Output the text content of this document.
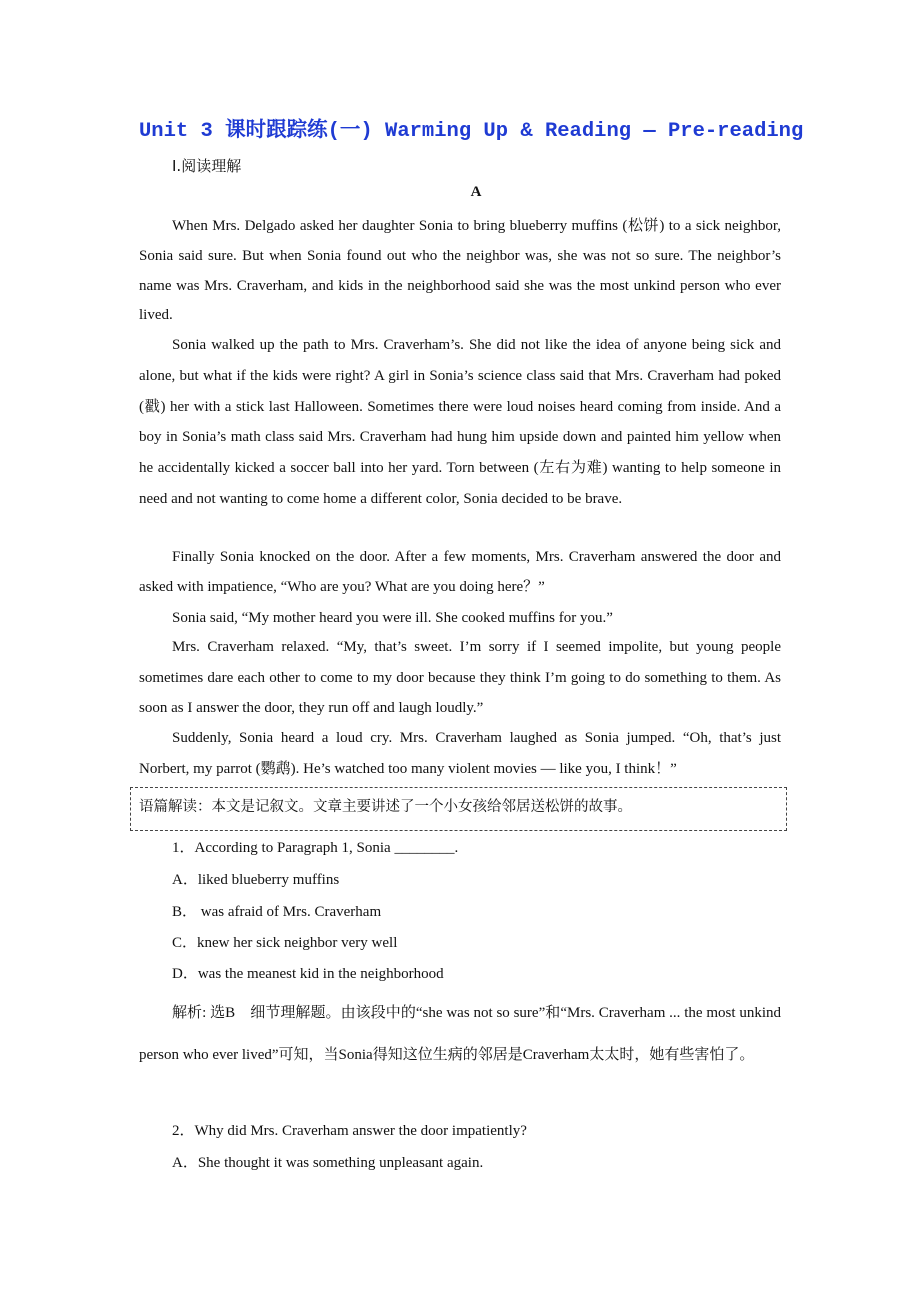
Unit 3 课时跟踪练(一) Warming Up & Reading — Pre-reading
Ⅰ.阅读理解
A

When Mrs. Delgado asked her daughter Sonia to bring blueberry muffins (松饼) to a sick neighbor, Sonia said sure. But when Sonia found out who the neighbor was, she was not so sure. The neighbor’s name was Mrs. Craverham, and kids in the neighborhood said she was the most unkind person who ever lived.

Sonia walked up the path to Mrs. Craverham’s. She did not like the idea of anyone being sick and alone, but what if the kids were right? A girl in Sonia’s science class said that Mrs. Craverham had poked (戳) her with a stick last Halloween. Sometimes there were loud noises heard coming from inside. And a boy in Sonia’s math class said Mrs. Craverham had hung him upside down and painted him yellow when he accidentally kicked a soccer ball into her yard. Torn between (左右为难) wanting to help someone in need and not wanting to come home a different color, Sonia decided to be brave.

Finally Sonia knocked on the door. After a few moments, Mrs. Craverham answered the door and asked with impatience, “Who are you? What are you doing here？”

Sonia said, “My mother heard you were ill. She cooked muffins for you.”

Mrs. Craverham relaxed. “My, that’s sweet. I’m sorry if I seemed impolite, but young people sometimes dare each other to come to my door because they think I’m going to do something to them. As soon as I answer the door, they run off and laugh loudly.”

Suddenly, Sonia heard a loud cry. Mrs. Craverham laughed as Sonia jumped. “Oh, that’s just Norbert, my parrot (鹦鹉). He’s watched too many violent movies — like you, I think！”

语篇解读：本文是记叙文。文章主要讲述了一个小女孩给邻居送松饼的故事。
1．According to Paragraph 1, Sonia ________.
A．liked blueberry muffins
B． was afraid of Mrs. Craverham
C．knew her sick neighbor very well
D．was the meanest kid in the neighborhood

解析: 选B　细节理解题。由该段中的“she was not so sure”和“Mrs. Craverham ... the most unkind person who ever lived”可知，当Sonia得知这位生病的邻居是Craverham太太时，她有些害怕了。

2．Why did Mrs. Craverham answer the door impatiently?
A．She thought it was something unpleasant again.
